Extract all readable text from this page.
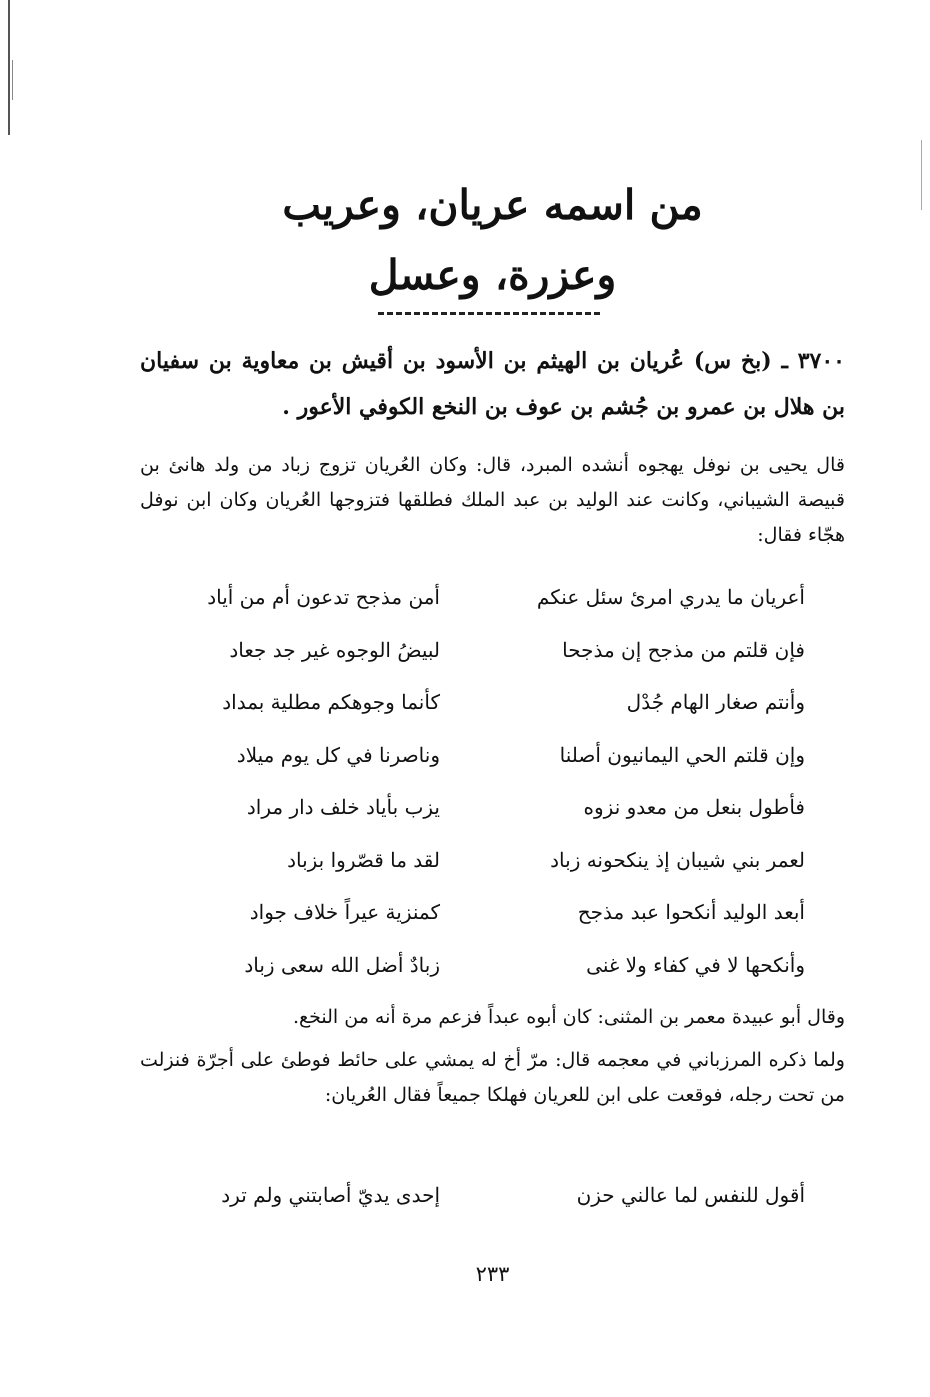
من اسمه عريان، وعريب
وعزرة، وعسل
٣٧٠٠ ـ (بخ س) عُريان بن الهيثم بن الأسود بن أقيش بن معاوية بن سفيان بن هلال بن عمرو بن جُشم بن عوف بن النخع الكوفي الأعور .
قال يحيى بن نوفل يهجوه أنشده المبرد، قال: وكان العُريان تزوج زباد من ولد هانئ بن قبيصة الشيباني، وكانت عند الوليد بن عبد الملك فطلقها فتزوجها العُريان وكان ابن نوفل هجّاء فقال:
أعريان ما يدري امرئ سئل عنكم
أمن مذجح تدعون أم من أياد
فإن قلتم من مذجح إن مذجحا
لبيضُ الوجوه غير جد جعاد
وأنتم صغار الهام جُدْل
كأنما وجوهكم مطلية بمداد
وإن قلتم الحي اليمانيون أصلنا
وناصرنا في كل يوم ميلاد
فأطول بنعل من معدو نزوه
يزب بأياد خلف دار مراد
لعمر بني شيبان إذ ينكحونه زباد
لقد ما قصّروا بزباد
أبعد الوليد أنكحوا عبد مذجح
كمنزية عيراً خلاف جواد
وأنكحها لا في كفاء ولا غنى
زبادٌ أضل الله سعى زباد
وقال أبو عبيدة معمر بن المثنى: كان أبوه عبداً فزعم مرة أنه من النخع.
ولما ذكره المرزباني في معجمه قال: مرّ أخ له يمشي على حائط فوطئ على أجرّة فنزلت من تحت رجله، فوقعت على ابن للعريان فهلكا جميعاً فقال العُريان:
أقول للنفس لما عالني حزن
إحدى يديّ أصابتني ولم ترد
٢٣٣
